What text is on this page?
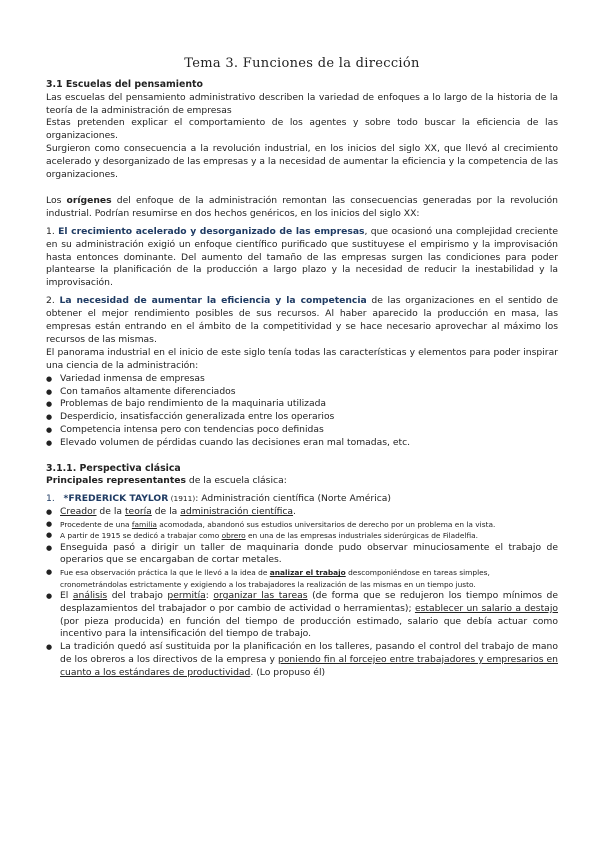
Tema 3. Funciones de la dirección

3.1 Escuelas del pensamiento

Las escuelas del pensamiento administrativo describen la variedad de enfoques a lo largo de la historia de la teoría de la administración de empresas

Estas pretenden explicar el comportamiento de los agentes y sobre todo buscar la eficiencia de las organizaciones.

Surgieron como consecuencia a la revolución industrial, en los inicios del siglo XX, que llevó al crecimiento acelerado y desorganizado de las empresas y a la necesidad de aumentar la eficiencia y la competencia de las organizaciones.

Los orígenes del enfoque de la administración remontan las consecuencias generadas por la revolución industrial. Podrían resumirse en dos hechos genéricos, en los inicios del siglo XX:

1. El crecimiento acelerado y desorganizado de las empresas, que ocasionó una complejidad creciente en su administración exigió un enfoque científico purificado que sustituyese el empirismo y la improvisación hasta entonces dominante. Del aumento del tamaño de las empresas surgen las condiciones para poder plantearse la planificación de la producción a largo plazo y la necesidad de reducir la inestabilidad y la improvisación.

2. La necesidad de aumentar la eficiencia y la competencia de las organizaciones en el sentido de obtener el mejor rendimiento posibles de sus recursos. Al haber aparecido la producción en masa, las empresas están entrando en el ámbito de la competitividad y se hace necesario aprovechar al máximo los recursos de las mismas.

El panorama industrial en el inicio de este siglo tenía todas las características y elementos para poder inspirar una ciencia de la administración:

● Variedad inmensa de empresas
● Con tamaños altamente diferenciados
● Problemas de bajo rendimiento de la maquinaria utilizada
● Desperdicio, insatisfacción generalizada entre los operarios
● Competencia intensa pero con tendencias poco definidas
● Elevado volumen de pérdidas cuando las decisiones eran mal tomadas, etc.

3.1.1. Perspectiva clásica

Principales representantes de la escuela clásica:

1. *FREDERICK TAYLOR (1911): Administración científica (Norte América)

● Creador de la teoría de la administración científica.
● Procedente de una familia acomodada, abandonó sus estudios universitarios de derecho por un problema en la vista.
● A partir de 1915 se dedicó a trabajar como obrero en una de las empresas industriales siderúrgicas de Filadelfia.
● Enseguida pasó a dirigir un taller de maquinaria donde pudo observar minuciosamente el trabajo de operarios que se encargaban de cortar metales.
● Fue esa observación práctica la que le llevó a la idea de analizar el trabajo descomponiéndose en tareas simples, cronometrándolas estrictamente y exigiendo a los trabajadores la realización de las mismas en un tiempo justo.
● El análisis del trabajo permitía: organizar las tareas (de forma que se redujeron los tiempo mínimos de desplazamientos del trabajador o por cambio de actividad o herramientas); establecer un salario a destajo (por pieza producida) en función del tiempo de producción estimado, salario que debía actuar como incentivo para la intensificación del tiempo de trabajo.
● La tradición quedó así sustituida por la planificación en los talleres, pasando el control del trabajo de mano de los obreros a los directivos de la empresa y poniendo fin al forcejeo entre trabajadores y empresarios en cuanto a los estándares de productividad. (Lo propuso él)
